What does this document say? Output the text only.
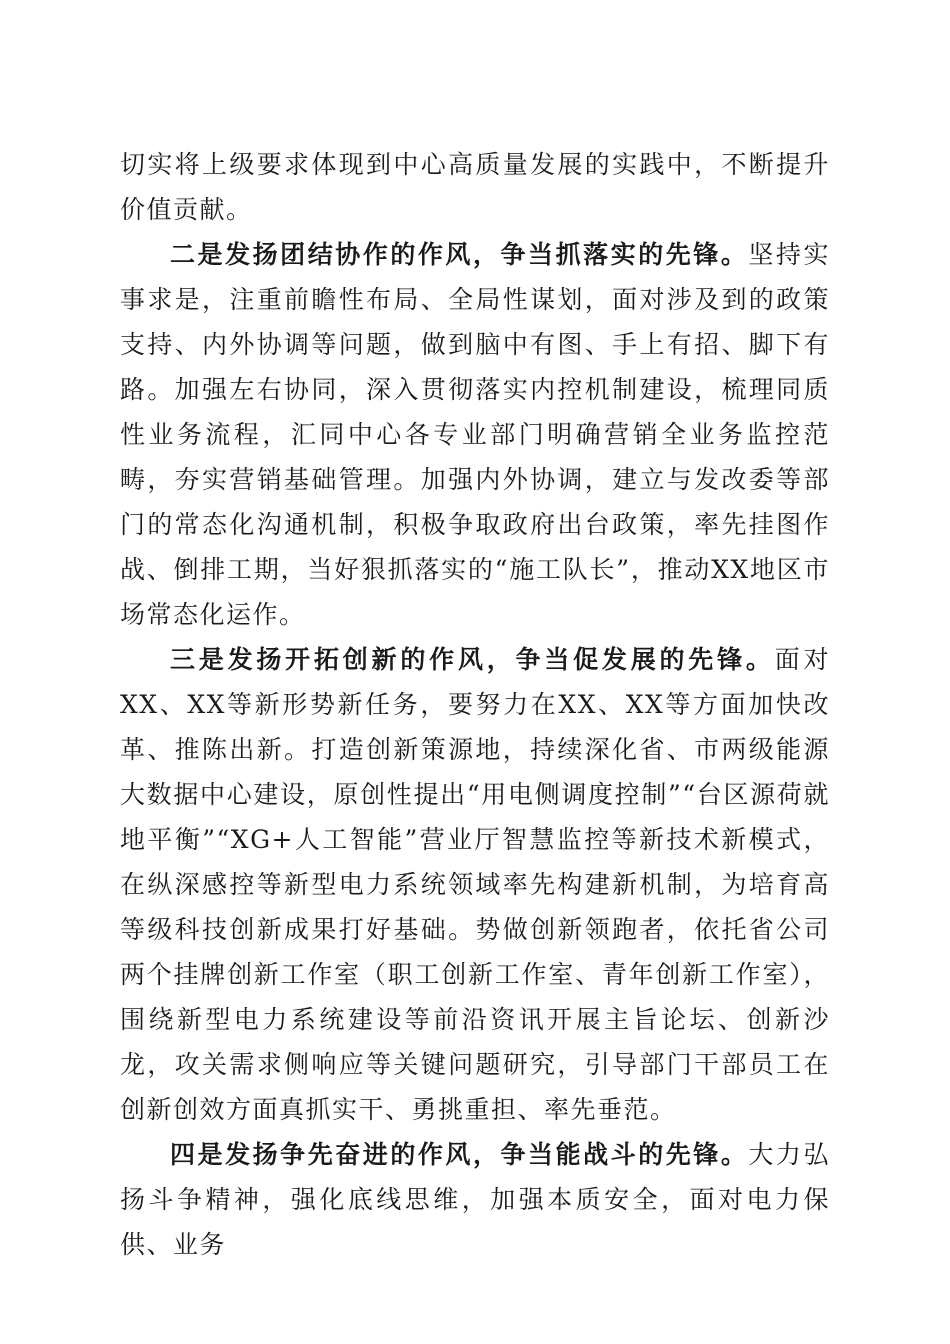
切实将上级要求体现到中心高质量发展的实践中，不断提升价值贡献。

二是发扬团结协作的作风，争当抓落实的先锋。坚持实事求是，注重前瞻性布局、全局性谋划，面对涉及到的政策支持、内外协调等问题，做到脑中有图、手上有招、脚下有路。加强左右协同，深入贯彻落实内控机制建设，梳理同质性业务流程，汇同中心各专业部门明确营销全业务监控范畴，夯实营销基础管理。加强内外协调，建立与发改委等部门的常态化沟通机制，积极争取政府出台政策，率先挂图作战、倒排工期，当好狠抓落实的“施工队长”，推动XX地区市场常态化运作。

三是发扬开拓创新的作风，争当促发展的先锋。面对XX、XX等新形势新任务，要努力在XX、XX等方面加快改革、推陈出新。打造创新策源地，持续深化省、市两级能源大数据中心建设，原创性提出“用电侧调度控制”“台区源荷就地平衡”“XG+人工智能”营业厅智慧监控等新技术新模式，在纵深感控等新型电力系统领域率先构建新机制，为培育高等级科技创新成果打好基础。势做创新领跑者，依托省公司两个挂牌创新工作室（职工创新工作室、青年创新工作室），围绕新型电力系统建设等前沿资讯开展主旨论坛、创新沙龙，攻关需求侧响应等关键问题研究，引导部门干部员工在创新创效方面真抓实干、勇挑重担、率先垂范。

四是发扬争先奋进的作风，争当能战斗的先锋。大力弘扬斗争精神，强化底线思维，加强本质安全，面对电力保供、业务
